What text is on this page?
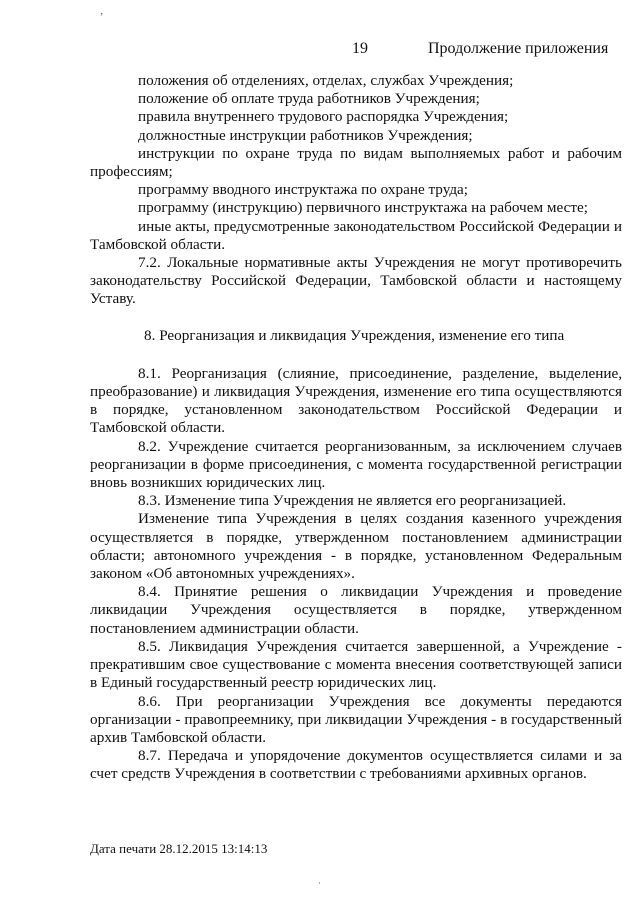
ʼ
19	Продолжение приложения

положения об отделениях, отделах, службах Учреждения;

положение об оплате труда работников Учреждения;

правила внутреннего трудового распорядка Учреждения;

должностные инструкции работников Учреждения;

инструкции по охране труда по видам выполняемых работ и рабочим профессиям;

программу вводного инструктажа по охране труда;

программу (инструкцию) первичного инструктажа на рабочем месте;

иные акты, предусмотренные законодательством Российской Федерации и Тамбовской области.

7.2. Локальные нормативные акты Учреждения не могут противоречить законодательству Российской Федерации, Тамбовской области и настоящему Уставу.

8. Реорганизация и ликвидация Учреждения, изменение его типа

8.1. Реорганизация (слияние, присоединение, разделение, выделение, преобразование) и ликвидация Учреждения, изменение его типа осуществляются в порядке, установленном законодательством Российской Федерации и Тамбовской области.

8.2. Учреждение считается реорганизованным, за исключением случаев реорганизации в форме присоединения, с момента государственной регистрации вновь возникших юридических лиц.

8.3. Изменение типа Учреждения не является его реорганизацией.

Изменение типа Учреждения в целях создания казенного учреждения осуществляется в порядке, утвержденном постановлением администрации области; автономного учреждения - в порядке, установленном Федеральным законом «Об автономных учреждениях».

8.4. Принятие решения о ликвидации Учреждения и проведение ликвидации Учреждения осуществляется в порядке, утвержденном постановлением администрации области.

8.5. Ликвидация Учреждения считается завершенной, а Учреждение - прекратившим свое существование с момента внесения соответствующей записи в Единый государственный реестр юридических лиц.

8.6. При реорганизации Учреждения все документы передаются организации - правопреемнику, при ликвидации Учреждения - в государственный архив Тамбовской области.

8.7. Передача и упорядочение документов осуществляется силами и за счет средств Учреждения в соответствии с требованиями архивных органов.

Дата печати 28.12.2015 13:14:13
·
